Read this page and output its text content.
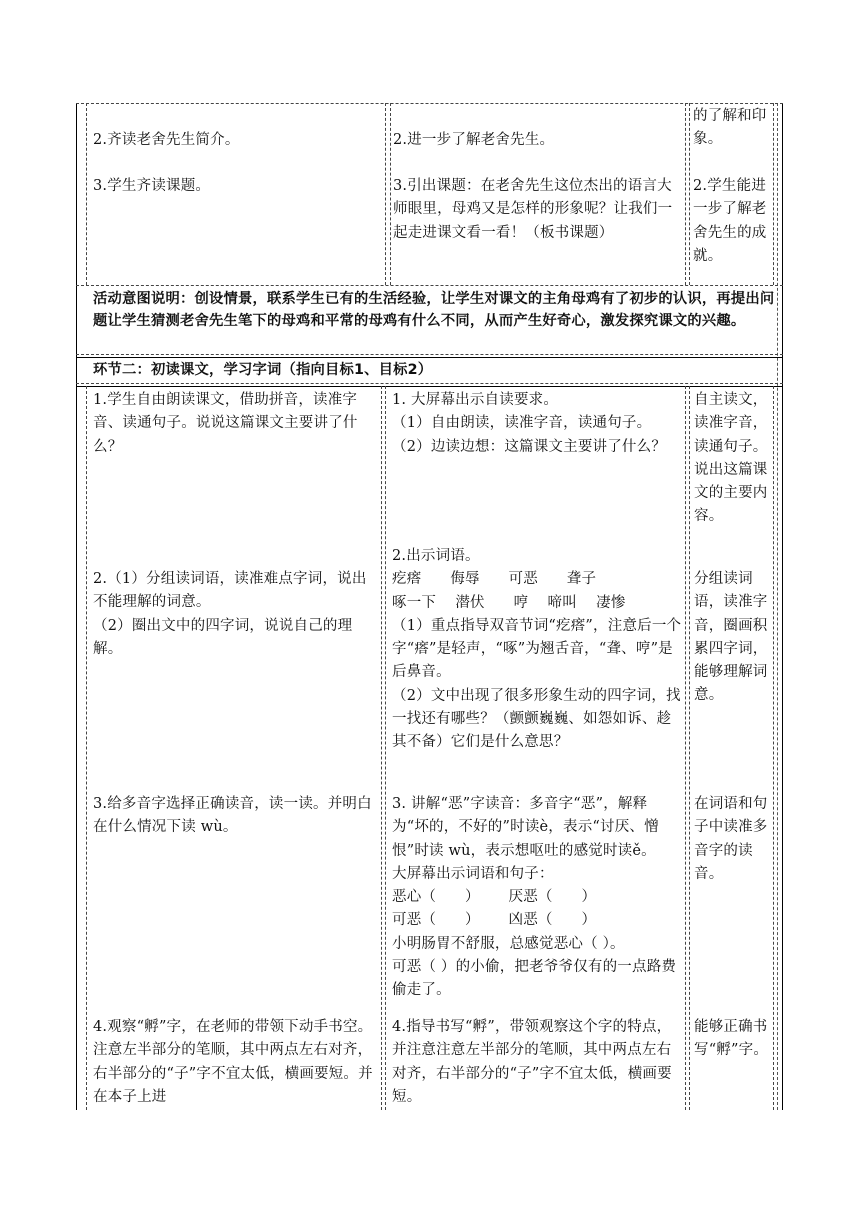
2.齐读老舍先生简介。

3.学生齐读课题。

2.进一步了解老舍先生。

3.引出课题：在老舍先生这位杰出的语言大师眼里，母鸡又是怎样的形象呢？让我们一起走进课文看一看！（板书课题）

的了解和印象。

2.学生能进一步了解老舍先生的成就。

活动意图说明：创设情景，联系学生已有的生活经验，让学生对课文的主角母鸡有了初步的认识，再提出问题让学生猜测老舍先生笔下的母鸡和平常的母鸡有什么不同，从而产生好奇心，激发探究课文的兴趣。

环节二：初读课文，学习字词（指向目标1、目标2）

1.学生自由朗读课文，借助拼音，读准字音、读通句子。说说这篇课文主要讲了什么？

1. 大屏幕出示自读要求。

（1）自由朗读，读准字音，读通句子。

（2）边读边想：这篇课文主要讲了什么？

自主读文，读准字音，读通句子。说出这篇课文的主要内容。

2.（1）分组读词语，读准难点字词，说出不能理解的词意。

（2）圈出文中的四字词，说说自己的理解。

2.出示词语。

疙瘩      侮辱      可恶      聋子

啄一下    潜伏      哼    啼叫    凄惨

（1）重点指导双音节词“疙瘩”，注意后一个字“瘩”是轻声，“啄”为翘舌音，“聋、哼”是后鼻音。

（2）文中出现了很多形象生动的四字词，找一找还有哪些？（颤颤巍巍、如怨如诉、趁其不备）它们是什么意思？

分组读词语，读准字音，圈画积累四字词，能够理解词意。

3.给多音字选择正确读音，读一读。并明白在什么情况下读 wù。

3. 讲解“恶”字读音：多音字“恶”，解释为“坏的，不好的”时读è，表示“讨厌、憎恨”时读 wù，表示想呕吐的感觉时读ě。

大屏幕出示词语和句子：

恶心（      ）      厌恶（      ）

可恶（      ）      凶恶（      ）

小明肠胃不舒服，总感觉恶心（ ）。

可恶（ ）的小偷，把老爷爷仅有的一点路费偷走了。

在词语和句子中读准多音字的读音。

4.观察“孵”字，在老师的带领下动手书空。注意左半部分的笔顺，其中两点左右对齐，右半部分的“子”字不宜太低，横画要短。并在本子上进

4.指导书写“孵”，带领观察这个字的特点，并注意注意左半部分的笔顺，其中两点左右对齐，右半部分的“子”字不宜太低，横画要短。

能够正确书写“孵”字。
